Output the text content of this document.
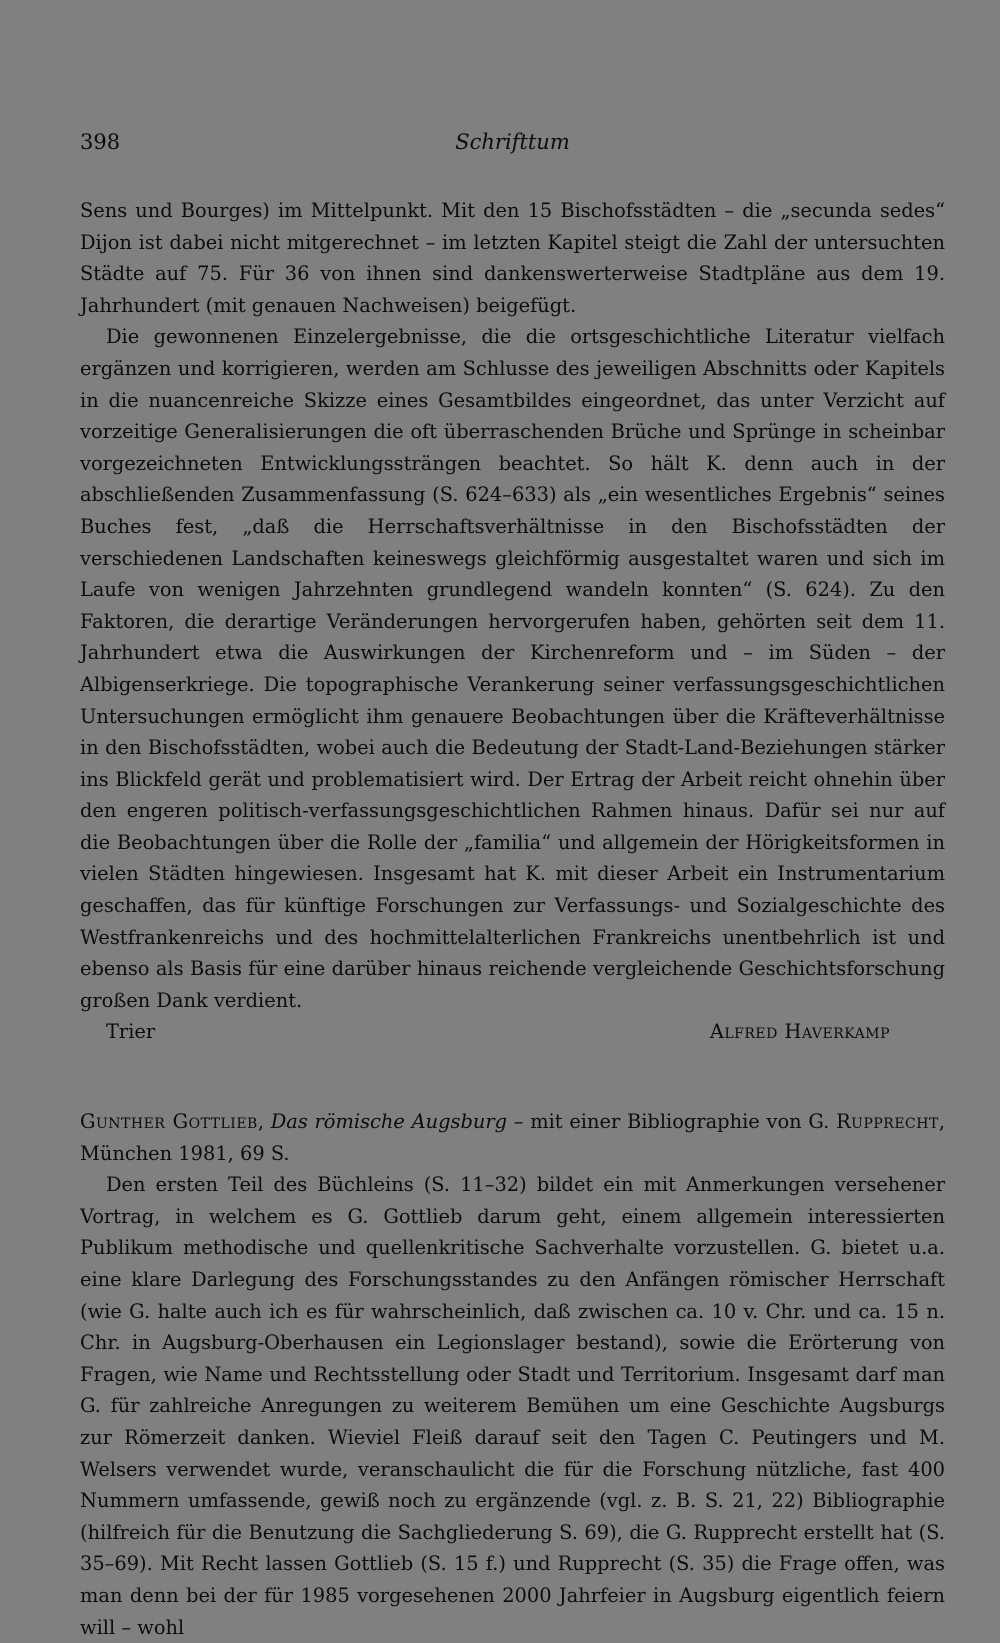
398	Schrifttum

Sens und Bourges) im Mittelpunkt. Mit den 15 Bischofsstädten – die „secunda sedes“ Dijon ist dabei nicht mitgerechnet – im letzten Kapitel steigt die Zahl der untersuchten Städte auf 75. Für 36 von ihnen sind dankenswerterweise Stadtpläne aus dem 19. Jahrhundert (mit genauen Nachweisen) beigefügt.

Die gewonnenen Einzelergebnisse, die die ortsgeschichtliche Literatur vielfach ergänzen und korrigieren, werden am Schlusse des jeweiligen Abschnitts oder Kapitels in die nuancenreiche Skizze eines Gesamtbildes eingeordnet, das unter Verzicht auf vorzeitige Generalisierungen die oft überraschenden Brüche und Sprünge in scheinbar vorgezeichneten Entwicklungssträngen beachtet. So hält K. denn auch in der abschließenden Zusammenfassung (S. 624–633) als „ein wesentliches Ergebnis“ seines Buches fest, „daß die Herrschaftsverhältnisse in den Bischofsstädten der verschiedenen Landschaften keineswegs gleichförmig ausgestaltet waren und sich im Laufe von wenigen Jahrzehnten grundlegend wandeln konnten“ (S. 624). Zu den Faktoren, die derartige Veränderungen hervorgerufen haben, gehörten seit dem 11. Jahrhundert etwa die Auswirkungen der Kirchenreform und – im Süden – der Albigenserkriege. Die topographische Verankerung seiner verfassungsgeschichtlichen Untersuchungen ermöglicht ihm genauere Beobachtungen über die Kräfteverhältnisse in den Bischofsstädten, wobei auch die Bedeutung der Stadt-Land-Beziehungen stärker ins Blickfeld gerät und problematisiert wird. Der Ertrag der Arbeit reicht ohnehin über den engeren politisch-verfassungsgeschichtlichen Rahmen hinaus. Dafür sei nur auf die Beobachtungen über die Rolle der „familia“ und allgemein der Hörigkeitsformen in vielen Städten hingewiesen. Insgesamt hat K. mit dieser Arbeit ein Instrumentarium geschaffen, das für künftige Forschungen zur Verfassungs- und Sozialgeschichte des Westfrankenreichs und des hochmittelalterlichen Frankreichs unentbehrlich ist und ebenso als Basis für eine darüber hinaus reichende vergleichende Geschichtsforschung großen Dank verdient.

Trier	Alfred Haverkamp
Gunther Gottlieb, Das römische Augsburg – mit einer Bibliographie von G. Rupprecht, München 1981, 69 S.

Den ersten Teil des Büchleins (S. 11–32) bildet ein mit Anmerkungen versehener Vortrag, in welchem es G. Gottlieb darum geht, einem allgemein interessierten Publikum methodische und quellenkritische Sachverhalte vorzustellen. G. bietet u.a. eine klare Darlegung des Forschungsstandes zu den Anfängen römischer Herrschaft (wie G. halte auch ich es für wahrscheinlich, daß zwischen ca. 10 v. Chr. und ca. 15 n. Chr. in Augsburg-Oberhausen ein Legionslager bestand), sowie die Erörterung von Fragen, wie Name und Rechtsstellung oder Stadt und Territorium. Insgesamt darf man G. für zahlreiche Anregungen zu weiterem Bemühen um eine Geschichte Augsburgs zur Römerzeit danken. Wieviel Fleiß darauf seit den Tagen C. Peutingers und M. Welsers verwendet wurde, veranschaulicht die für die Forschung nützliche, fast 400 Nummern umfassende, gewiß noch zu ergänzende (vgl. z. B. S. 21, 22) Bibliographie (hilfreich für die Benutzung die Sachgliederung S. 69), die G. Rupprecht erstellt hat (S. 35–69). Mit Recht lassen Gottlieb (S. 15 f.) und Rupprecht (S. 35) die Frage offen, was man denn bei der für 1985 vorgesehenen 2000 Jahrfeier in Augsburg eigentlich feiern will – wohl
